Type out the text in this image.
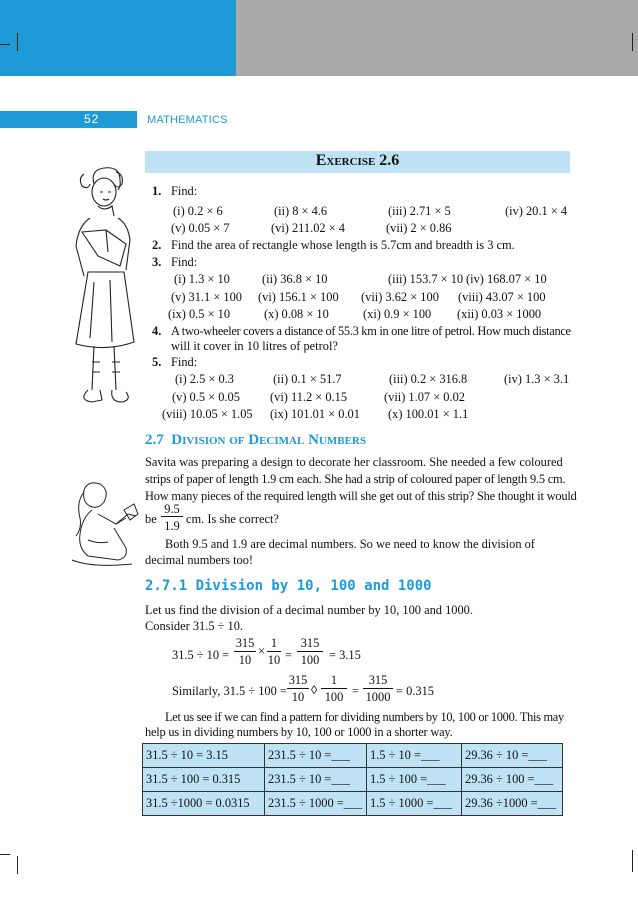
52	MATHEMATICS
Exercise 2.6
1. Find:
(i) 0.2 × 6	(ii) 8 × 4.6	(iii) 2.71 × 5	(iv) 20.1 × 4
(v) 0.05 × 7	(vi) 211.02 × 4	(vii) 2 × 0.86
2. Find the area of rectangle whose length is 5.7cm and breadth is 3 cm.
3. Find:
(i) 1.3 × 10	(ii) 36.8 × 10	(iii) 153.7 × 10 (iv) 168.07 × 10
(v) 31.1 × 100 (vi) 156.1 × 100 (vii) 3.62 × 100 (viii) 43.07 × 100
(ix) 0.5 × 10	(x) 0.08 × 10	(xi) 0.9 × 100 (xii) 0.03 × 1000
4. A two-wheeler covers a distance of 55.3 km in one litre of petrol. How much distance
will it cover in 10 litres of petrol?
5. Find:
(i) 2.5 × 0.3	(ii) 0.1 × 51.7	(iii) 0.2 × 316.8	(iv) 1.3 × 3.1
(v) 0.5 × 0.05 (vi) 11.2 × 0.15	(vii) 1.07 × 0.02
(viii) 10.05 × 1.05 (ix) 101.01 × 0.01 (x) 100.01 × 1.1
2.7 Division of Decimal Numbers
Savita was preparing a design to decorate her classroom. She needed a few coloured
strips of paper of length 1.9 cm each. She had a strip of coloured paper of length 9.5 cm.
How many pieces of the required length will she get out of this strip? She thought it would
be
9.5
1.9 cm. Is she correct?
Both 9.5 and 1.9 are decimal numbers. So we need to know the division of
decimal numbers too!
2.7.1 Division by 10, 100 and 1000
Let us find the division of a decimal number by 10, 100 and 1000.
Consider 31.5 ÷ 10.
31.5 ÷ 10 =
315
10
×
1
10 =
315
100 = 3.15
Similarly, 31.5 ÷ 100 =
315
10 ◊
1
100 =
315
1000 = 0.315
Let us see if we can find a pattern for dividing numbers by 10, 100 or 1000. This may
help us in dividing numbers by 10, 100 or 1000 in a shorter way.
31.5 ÷ 10 = 3.15	231.5 ÷ 10 =___	1.5 ÷ 10 =___	29.36 ÷ 10 =___
31.5 ÷ 100 = 0.315	231.5 ÷ 10 =___	1.5 ÷ 100 =___	29.36 ÷ 100 =___
31.5 ÷1000 = 0.0315	231.5 ÷ 1000 =___	1.5 ÷ 1000 =___	29.36 ÷1000 =___
